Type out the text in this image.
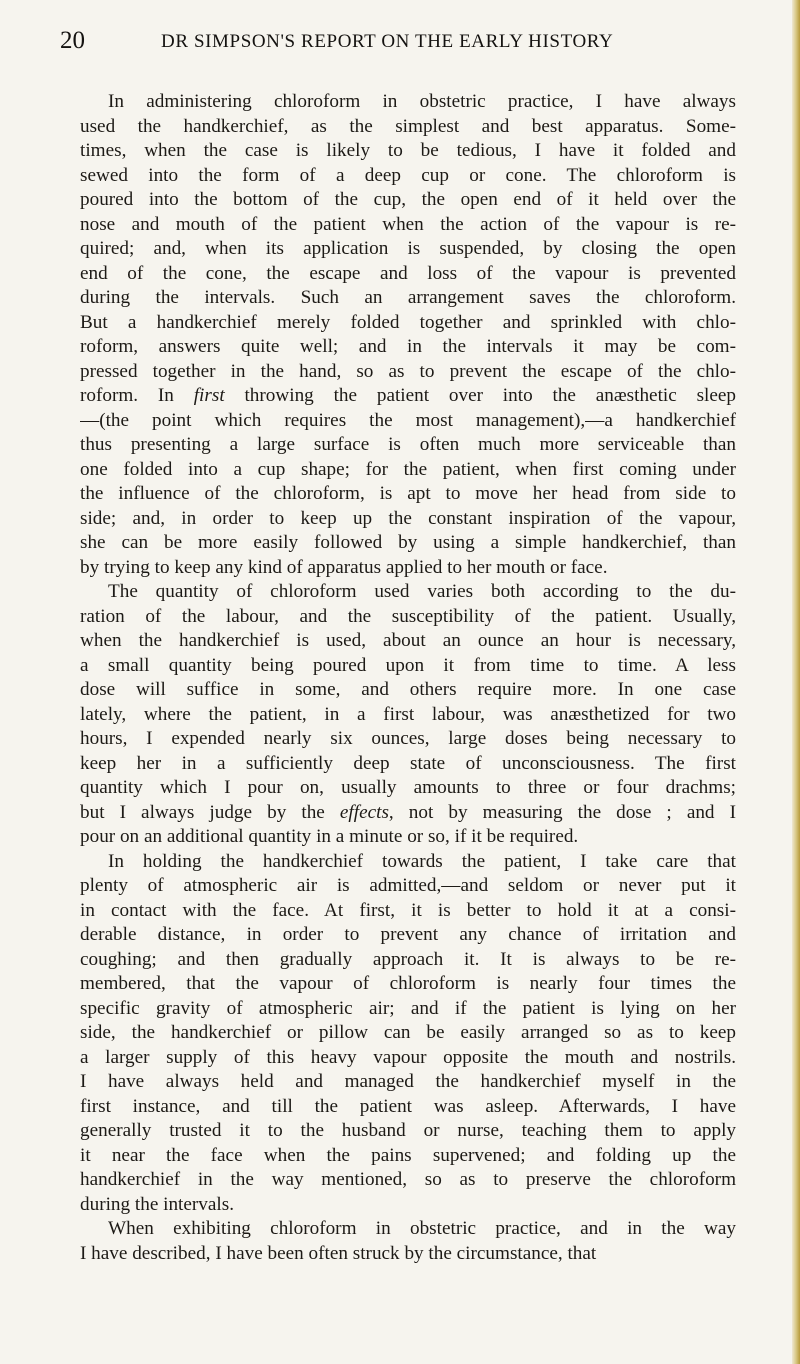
20	DR SIMPSON'S REPORT ON THE EARLY HISTORY
In administering chloroform in obstetric practice, I have always
used the handkerchief, as the simplest and best apparatus. Some-
times, when the case is likely to be tedious, I have it folded and
sewed into the form of a deep cup or cone. The chloroform is
poured into the bottom of the cup, the open end of it held over the
nose and mouth of the patient when the action of the vapour is re-
quired; and, when its application is suspended, by closing the open
end of the cone, the escape and loss of the vapour is prevented
during the intervals. Such an arrangement saves the chloroform.
But a handkerchief merely folded together and sprinkled with chlo-
roform, answers quite well; and in the intervals it may be com-
pressed together in the hand, so as to prevent the escape of the chlo-
roform. In first throwing the patient over into the anæsthetic sleep
—(the point which requires the most management),—a handkerchief
thus presenting a large surface is often much more serviceable than
one folded into a cup shape; for the patient, when first coming under
the influence of the chloroform, is apt to move her head from side to
side; and, in order to keep up the constant inspiration of the vapour,
she can be more easily followed by using a simple handkerchief, than
by trying to keep any kind of apparatus applied to her mouth or face.
The quantity of chloroform used varies both according to the du-
ration of the labour, and the susceptibility of the patient. Usually,
when the handkerchief is used, about an ounce an hour is necessary,
a small quantity being poured upon it from time to time. A less
dose will suffice in some, and others require more. In one case
lately, where the patient, in a first labour, was anæsthetized for two
hours, I expended nearly six ounces, large doses being necessary to
keep her in a sufficiently deep state of unconsciousness. The first
quantity which I pour on, usually amounts to three or four drachms;
but I always judge by the effects, not by measuring the dose ; and I
pour on an additional quantity in a minute or so, if it be required.
In holding the handkerchief towards the patient, I take care that
plenty of atmospheric air is admitted,—and seldom or never put it
in contact with the face. At first, it is better to hold it at a consi-
derable distance, in order to prevent any chance of irritation and
coughing; and then gradually approach it. It is always to be re-
membered, that the vapour of chloroform is nearly four times the
specific gravity of atmospheric air; and if the patient is lying on her
side, the handkerchief or pillow can be easily arranged so as to keep
a larger supply of this heavy vapour opposite the mouth and nostrils.
I have always held and managed the handkerchief myself in the
first instance, and till the patient was asleep. Afterwards, I have
generally trusted it to the husband or nurse, teaching them to apply
it near the face when the pains supervened; and folding up the
handkerchief in the way mentioned, so as to preserve the chloroform
during the intervals.
When exhibiting chloroform in obstetric practice, and in the way
I have described, I have been often struck by the circumstance, that
